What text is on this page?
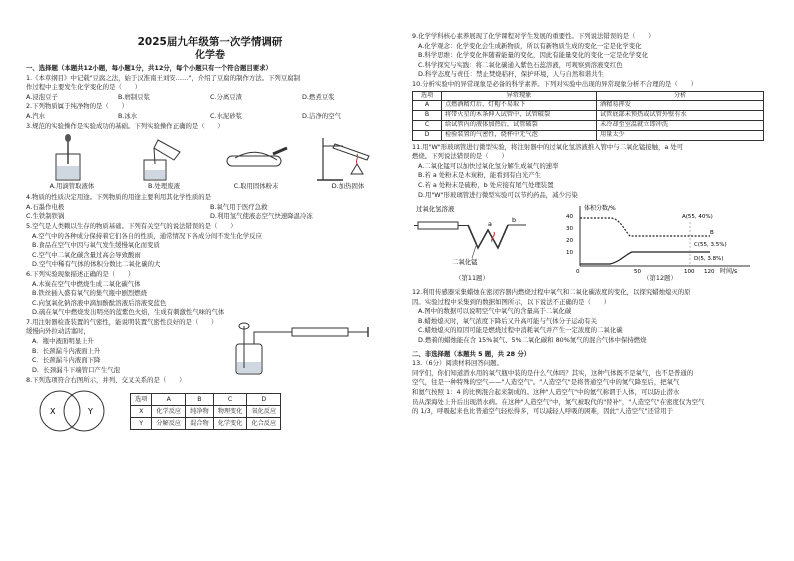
2025届九年级第一次学情调研
化学卷
一、选择题（本题共12小题，每小题1分，共12分，每个小题只有一个符合题目要求）
1.《本草纲目》中记载"豆腐之法，始于汉淮南王刘安……"，介绍了豆腐的制作方法。下列豆腐制
作过程中主要发生化学变化的是（　　）
A.浸泡豆子	B.磨制豆浆	C.分离豆渣	D.燃煮豆浆
2.下列物质属于纯净物的是（　　）
A.汽水	B.冰水	C.水泥砂浆	D.洁净的空气
3.规范的实验操作是实验成功的基础。下列实验操作正确的是（　　）
A.用滴管取液体	B.处理废液	C.取用固体粉末	D.加热固体
4.物质的性质决定用途。下列物质的用途主要利用其化学性质的是
A.石墨作电极	B.氧气用于医疗急救
C.生铁制铁锅	D.利用氢气使液态空气快速降温冷冻
5.空气是人类赖以生存的物质基础。下列有关空气的说法错误的是（　　）
A.空气中的各种成分保持着它们各自的性质，通常情况下各成分间不发生化学反应
B.食品在空气中因与氧气发生缓慢氧化而变质
C.空气中二氧化碳含量过高会导致酸雨
D.空气中稀有气体的体积分数比二氧化碳的大
6.下列实验现象描述正确的是（　　）
A.木炭在空气中燃烧生成二氧化碳气体
B.铁丝插入盛有氧气的集气瓶中剧烈燃烧
C.向氢氧化钠溶液中滴加酚酞溶液后溶液变蓝色
D.硫在氧气中燃烧发出明亮的蓝紫色火焰，生成有刺激性气味的气体
7.用注射器检查装置的气密性，能说明装置气密性良好的是（　　）
缓慢向外拉动活塞时，
A．瓶中液面明显上升
B．长颈漏斗内液面上升
C．长颈漏斗内液面下降
D．长颈漏斗下端管口产生气泡
8.下列选项符合右图所示，并列、交叉关系的是（　　）
X	Y
选项	A	B	C	D
X	化学反应	纯净物	物理变化	氧化反应
Y	分解反应	混合物	化学变化	化合反应
9.化学学科核心素养展现了化学课程对学生发展的重要性。下列说法错误的是（　　）
A.化学观念：化学变化会生成新物质，所以有新物质生成的变化一定是化学变化
B.科学思维：化学变化伴随着能量的变化，因此有能量变化的变化一定是化学变化
C.科学探究与实践：将二氧化碳通入紫色石蕊溶液，可观察到溶液变红色
D.科学态度与责任：禁止焚烧秸秆，保护环境，人与自然和谐共生
10.分析实验中的异常现象是必备的科学素养。下列对实验中出现的异常现象分析不合理的是（　　）
选项	异常现象	分析
A	点燃酒精灯后，灯帽不易取下	酒精易挥发
B	将带火星的木条伸入试管中，试管破裂	试管底部未预热或试管外壁有水
C	给试管内的液体加热后，试管破裂	未冷却至室温就立即冲洗
D	检验装置的气密性，烧杯中无气泡	用量太少
11.用"W"形玻璃管进行微型实验，将注射器中的过氧化氢溶液推入管中与二氧化锰接触，a 处可
燃烧。下列说法错误的是（　　）
A.二氧化锰可以加快过氧化氢分解生成氧气的速率
B.若 a 处粉末是木炭粉，能看到有白光产生
C.若 a 处粉末是硫粉，b 处应接有尾气处理装置
D.用"W"形玻璃管进行微型实验可以节约药品，减少污染
过氧化氢溶液
a	b
二氧化锰
（第11题）
体积分数/%
时间/s
40
30
20
10
0	50	100 120
A(55, 40%)
B
C(55, 3.5%)
D(5, 3.8%)
（第12题）
12.利用传感器采集蜡烛在密闭容器内燃烧过程中氧气和二氧化碳浓度的变化，以探究蜡烛熄灭的原
因。实验过程中采集到的数据如图所示，以下说法不正确的是（　　）
A.图中的数据可以说明空气中氧气的含量高于二氧化碳
B.蜡烛熄灭时，氧气浓度下降后又升高可能与气体分子运动有关
C.蜡烛熄灭的原因可能是燃烧过程中消耗氧气并产生一定浓度的二氧化碳
D.燃着的蜡烛能在含 15%氧气、5%二氧化碳和 80%氮气的混合气体中保持燃烧
二、非选择题（本题共 5 题，共 28 分）
13.（6分）阅读材料回答问题。
同学们，你们知道潜水用的氧气瓶中装的是什么气体吗？其实，这种气体既不是氧气，也不是普通的
空气，往是一种特殊的空气——"人造空气"。"人造空气"是将普通空气中的氮气降至后，把氧气
和氦气按照 1：4 的比例混合起来制成的。这种"人造空气"中的氦气称谓于人体，可以防止潜水
员从深海处上升后出现潜水病。在这种"人造空气"中，氮气被取代的"替补"，"人造空气"在密度仅为空气
的 1/3，呼吸起来也比普通空气轻松得多，可以减轻人呼吸的困难，因此"人造空气"还常用于
